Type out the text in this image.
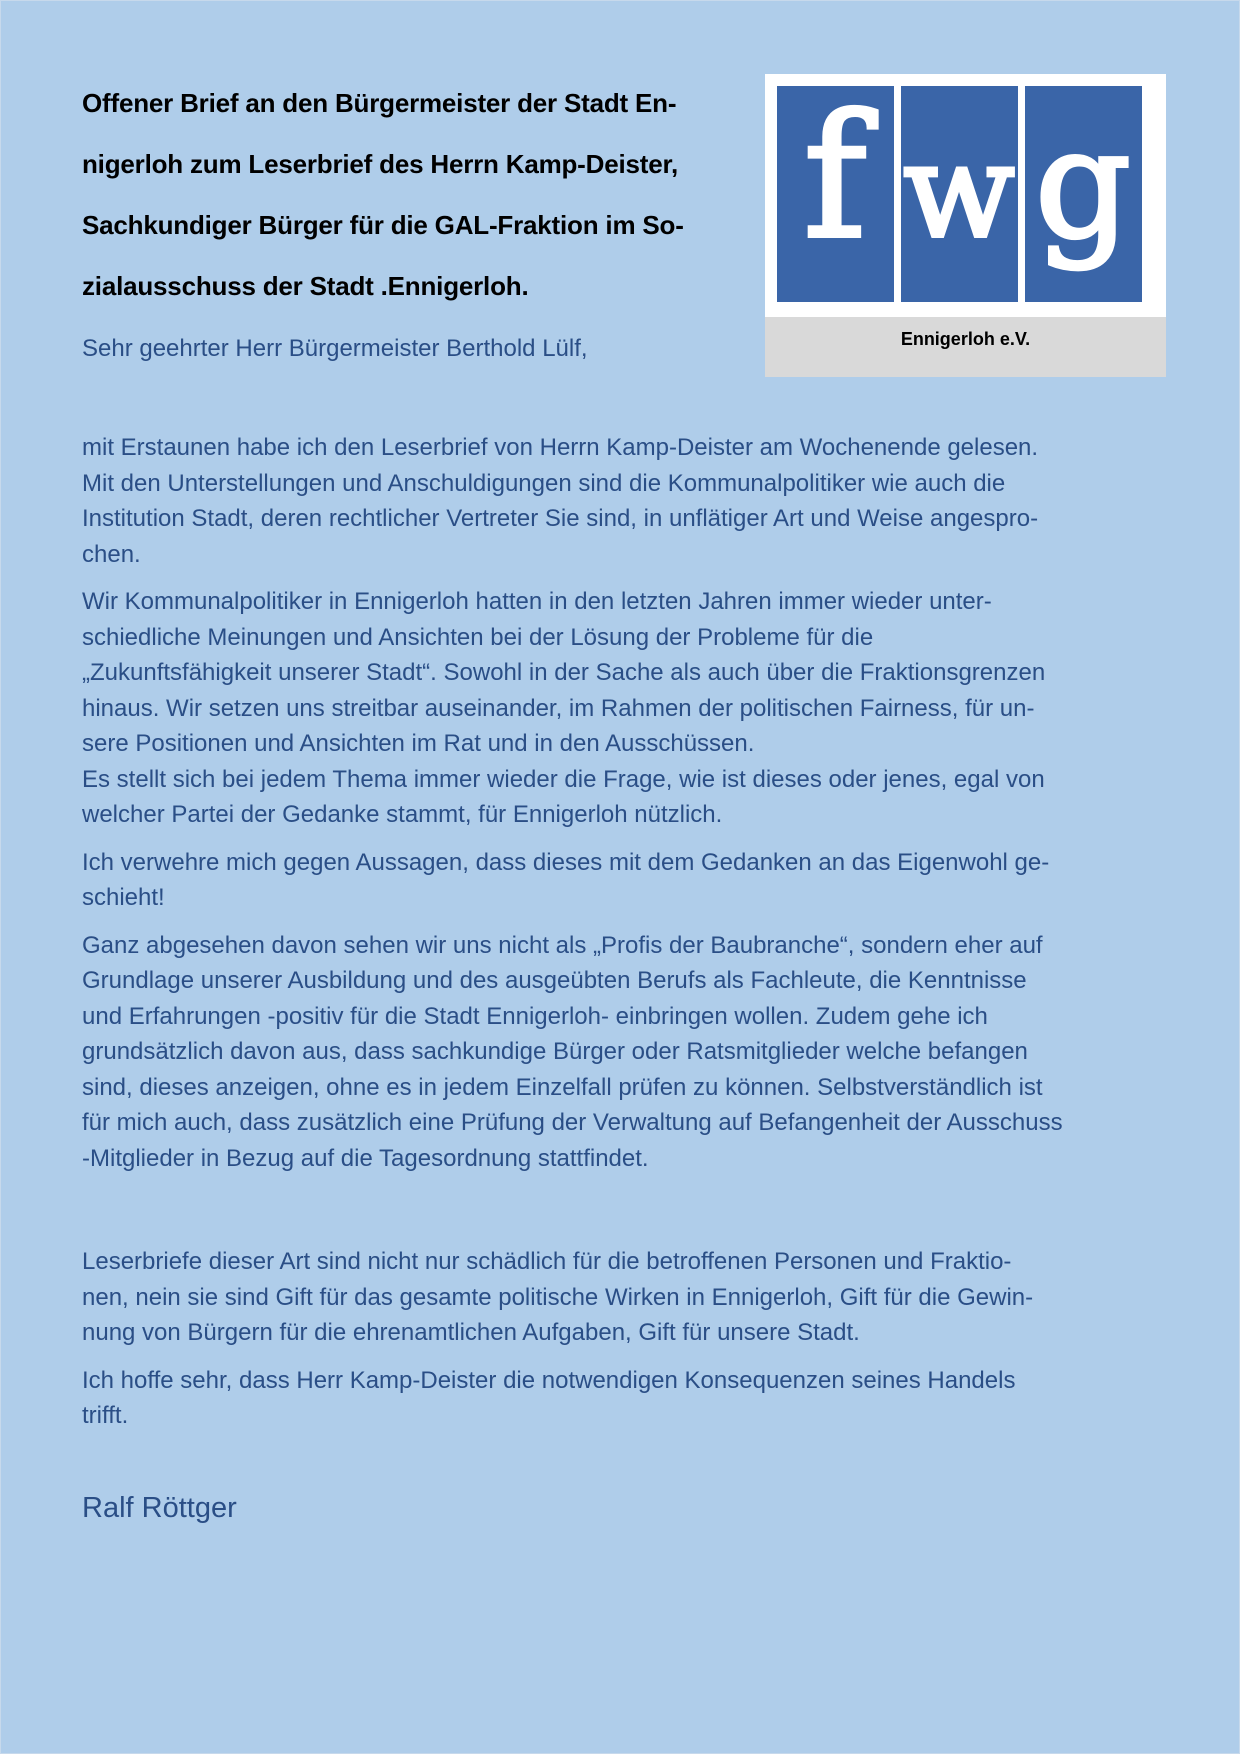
Offener Brief an den Bürgermeister der Stadt En-
nigerloh zum Leserbrief des Herrn Kamp-Deister,
Sachkundiger Bürger für die GAL-Fraktion im So-
zialausschuss der Stadt .Ennigerloh.
f w g
Ennigerloh e.V.
Sehr geehrter Herr Bürgermeister Berthold Lülf,

mit Erstaunen habe ich den Leserbrief von Herrn Kamp-Deister am Wochenende gelesen.
Mit den Unterstellungen und Anschuldigungen sind die Kommunalpolitiker wie auch die
Institution Stadt, deren rechtlicher Vertreter Sie sind, in unflätiger Art und Weise angespro-
chen.

Wir Kommunalpolitiker in Ennigerloh hatten in den letzten Jahren immer wieder unter-
schiedliche Meinungen und Ansichten bei der Lösung der Probleme für die
„Zukunftsfähigkeit unserer Stadt“. Sowohl in der Sache als auch über die Fraktionsgrenzen
hinaus. Wir setzen uns streitbar auseinander, im Rahmen der politischen Fairness, für un-
sere Positionen und Ansichten im Rat und in den Ausschüssen.
Es stellt sich bei jedem Thema immer wieder die Frage, wie ist dieses oder jenes, egal von
welcher Partei der Gedanke stammt, für Ennigerloh nützlich.

Ich verwehre mich gegen Aussagen, dass dieses mit dem Gedanken an das Eigenwohl ge-
schieht!

Ganz abgesehen davon sehen wir uns nicht als „Profis der Baubranche“, sondern eher auf
Grundlage unserer Ausbildung und des ausgeübten Berufs als Fachleute, die Kenntnisse
und Erfahrungen -positiv für die Stadt Ennigerloh- einbringen wollen. Zudem gehe ich
grundsätzlich davon aus, dass sachkundige Bürger oder Ratsmitglieder welche befangen
sind, dieses anzeigen, ohne es in jedem Einzelfall prüfen zu können. Selbstverständlich ist
für mich auch, dass zusätzlich eine Prüfung der Verwaltung auf Befangenheit der Ausschuss
-Mitglieder in Bezug auf die Tagesordnung stattfindet.

Leserbriefe dieser Art sind nicht nur schädlich für die betroffenen Personen und Fraktio-
nen, nein sie sind Gift für das gesamte politische Wirken in Ennigerloh, Gift für die Gewin-
nung von Bürgern für die ehrenamtlichen Aufgaben, Gift für unsere Stadt.

Ich hoffe sehr, dass Herr Kamp-Deister die notwendigen Konsequenzen seines Handels
trifft.

Ralf Röttger
